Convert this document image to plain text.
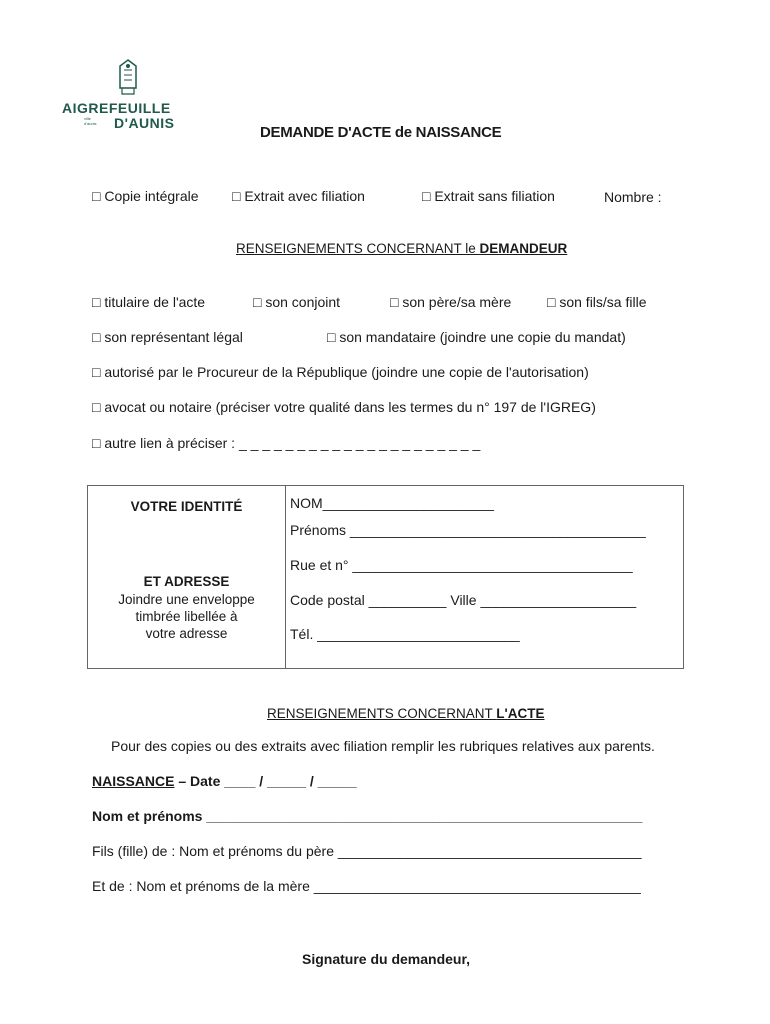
AIGREFEUILLE
ville
d'aunis D'AUNIS
DEMANDE D'ACTE de NAISSANCE
□ Copie intégrale □ Extrait avec filiation	□ Extrait sans filiation	Nombre :
RENSEIGNEMENTS CONCERNANT le DEMANDEUR
□ titulaire de l'acte	□ son conjoint	□ son père/sa mère	□ son fils/sa fille
□ son représentant légal	□ son mandataire (joindre une copie du mandat)
□ autorisé par le Procureur de la République (joindre une copie de l'autorisation)
□ avocat ou notaire (préciser votre qualité dans les termes du n° 197 de l'IGREG)
□ autre lien à préciser : _ _ _ _ _ _ _ _ _ _ _ _ _ _ _ _ _ _ _ _ _
VOTRE IDENTITÉ
ET ADRESSE
Joindre une enveloppe
timbrée libellée à
votre adresse
NOM______________________
Prénoms ______________________________________
Rue et n° ____________________________________
Code postal __________ Ville ____________________
Tél. __________________________
RENSEIGNEMENTS CONCERNANT L'ACTE
Pour des copies ou des extraits avec filiation remplir les rubriques relatives aux parents.
NAISSANCE – Date ____ / _____ / _____
Nom et prénoms ________________________________________________________
Fils (fille) de : Nom et prénoms du père _______________________________________
Et de : Nom et prénoms de la mère __________________________________________
Signature du demandeur,
